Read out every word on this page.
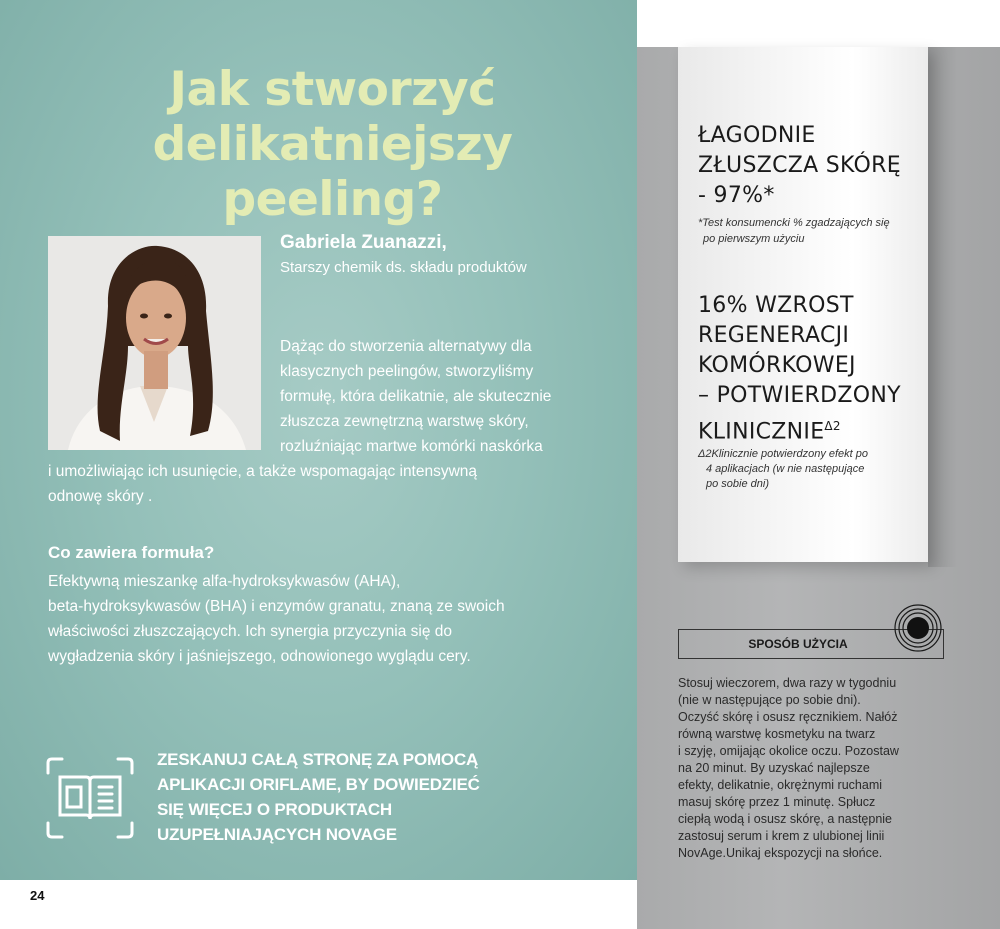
Jak stworzyć
delikatniejszy peeling?

Gabriela Zuanazzi,

Starszy chemik ds. składu produktów

Dążąc do stworzenia alternatywy dla

klasycznych peelingów, stworzyliśmy

formułę, która delikatnie, ale skutecznie

złuszcza zewnętrzną warstwę skóry,

rozluźniając martwe komórki naskórka

i umożliwiając ich usunięcie, a także wspomagając intensywną

odnowę skóry .

Co zawiera formuła?

Efektywną mieszankę alfa-hydroksykwasów (AHA),

beta-hydroksykwasów (BHA) i enzymów granatu, znaną ze swoich

właściwości złuszczających. Ich synergia przyczynia się do

wygładzenia skóry i jaśniejszego, odnowionego wyglądu cery.

ZESKANUJ CAŁĄ STRONĘ ZA POMOCĄ

APLIKACJI ORIFLAME, BY DOWIEDZIEĆ

SIĘ WIĘCEJ O PRODUKTACH

UZUPEŁNIAJĄCYCH NOVAGE

24

ŁAGODNIE

ZŁUSZCZA SKÓRĘ

- 97%*

*Test konsumencki % zgadzających się

po pierwszym użyciu

16% WZROST

REGENERACJI

KOMÓRKOWEJ

– POTWIERDZONY

$KLINICZNIE^{\Delta 2}$

Δ2Klinicznie potwierdzony efekt po

4 aplikacjach (w nie następujące

po sobie dni)

SPOSÓB UŻYCIA

Stosuj wieczorem, dwa razy w tygodniu

(nie w następujące po sobie dni).

Oczyść skórę i osusz ręcznikiem. Nałóż

równą warstwę kosmetyku na twarz

i szyję, omijając okolice oczu. Pozostaw

na 20 minut. By uzyskać najlepsze

efekty, delikatnie, okrężnymi ruchami

masuj skórę przez 1 minutę. Spłucz

ciepłą wodą i osusz skórę, a następnie

zastosuj serum i krem z ulubionej linii

NovAge.Unikaj ekspozycji na słońce.
